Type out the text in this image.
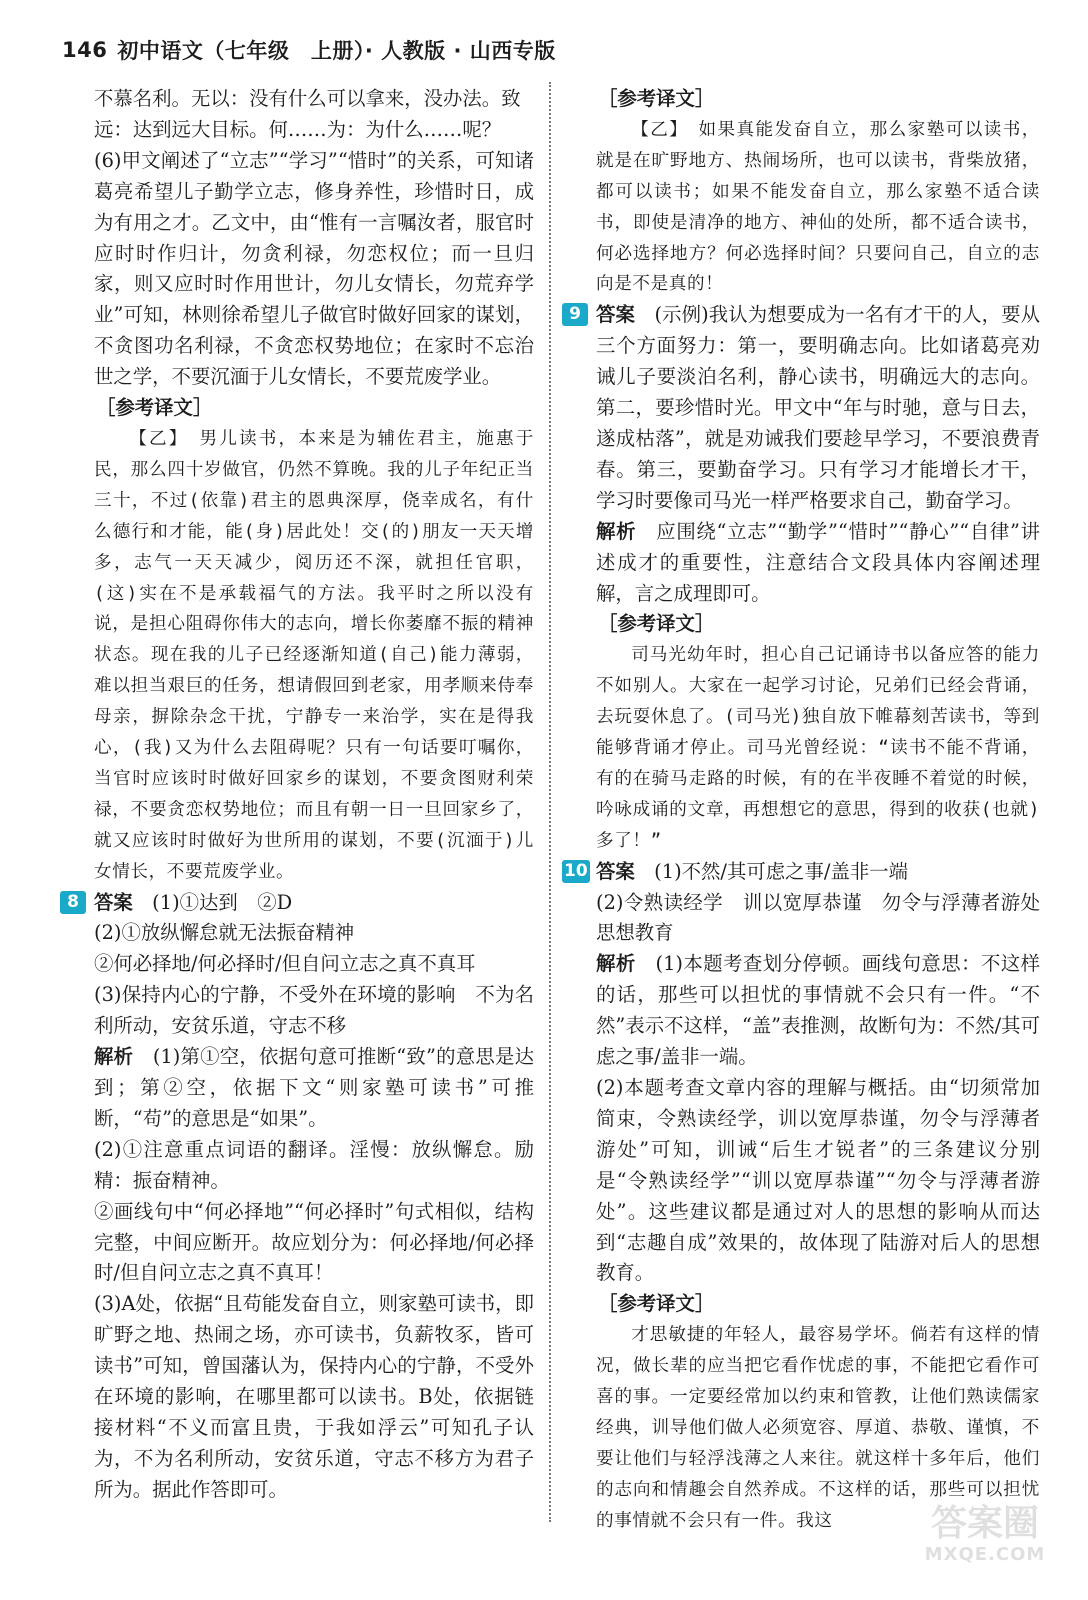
146 初中语文（七年级　上册）· 人教版 · 山西专版

不慕名利。无以：没有什么可以拿来，没办法。致

远：达到远大目标。何……为：为什么……呢？

(6)甲文阐述了“立志”“学习”“惜时”的关系，可知诸葛亮希望儿子勤学立志，修身养性，珍惜时日，成为有用之才。乙文中，由“惟有一言嘱汝者，服官时应时时作归计，勿贪利禄，勿恋权位；而一旦归家，则又应时时作用世计，勿儿女情长，勿荒弃学业”可知，林则徐希望儿子做官时做好回家的谋划，不贪图功名利禄，不贪恋权势地位；在家时不忘治世之学，不要沉湎于儿女情长，不要荒废学业。

［参考译文］

【乙】　男儿读书，本来是为辅佐君主，施惠于民，那么四十岁做官，仍然不算晚。我的儿子年纪正当三十，不过(依靠)君主的恩典深厚，侥幸成名，有什么德行和才能，能(身)居此处！交(的)朋友一天天增多，志气一天天减少，阅历还不深，就担任官职，(这)实在不是承载福气的方法。我平时之所以没有说，是担心阻碍你伟大的志向，增长你萎靡不振的精神状态。现在我的儿子已经逐渐知道(自己)能力薄弱，难以担当艰巨的任务，想请假回到老家，用孝顺来侍奉母亲，摒除杂念干扰，宁静专一来治学，实在是得我心，(我)又为什么去阻碍呢？只有一句话要叮嘱你，当官时应该时时做好回家乡的谋划，不要贪图财利荣禄，不要贪恋权势地位；而且有朝一日一旦回家乡了，就又应该时时做好为世所用的谋划，不要(沉湎于)儿女情长，不要荒废学业。

8 答案　(1)①达到　②D

(2)①放纵懈怠就无法振奋精神

②何必择地/何必择时/但自问立志之真不真耳

(3)保持内心的宁静，不受外在环境的影响　不为名利所动，安贫乐道，守志不移

解析　(1)第①空，依据句意可推断“致”的意思是达到；第②空，依据下文“则家塾可读书”可推断，“苟”的意思是“如果”。

(2)①注意重点词语的翻译。淫慢：放纵懈怠。励精：振奋精神。

②画线句中“何必择地”“何必择时”句式相似，结构完整，中间应断开。故应划分为：何必择地/何必择时/但自问立志之真不真耳！

(3)A处，依据“且苟能发奋自立，则家塾可读书，即旷野之地、热闹之场，亦可读书，负薪牧豕，皆可读书”可知，曾国藩认为，保持内心的宁静，不受外在环境的影响，在哪里都可以读书。B处，依据链接材料“不义而富且贵，于我如浮云”可知孔子认为，不为名利所动，安贫乐道，守志不移方为君子所为。据此作答即可。

［参考译文］

【乙】　如果真能发奋自立，那么家塾可以读书，就是在旷野地方、热闹场所，也可以读书，背柴放猪，都可以读书；如果不能发奋自立，那么家塾不适合读书，即使是清净的地方、神仙的处所，都不适合读书，何必选择地方？何必选择时间？只要问自己，自立的志向是不是真的！

9 答案　(示例)我认为想要成为一名有才干的人，要从三个方面努力：第一，要明确志向。比如诸葛亮劝诫儿子要淡泊名利，静心读书，明确远大的志向。第二，要珍惜时光。甲文中“年与时驰，意与日去，遂成枯落”，就是劝诫我们要趁早学习，不要浪费青春。第三，要勤奋学习。只有学习才能增长才干，学习时要像司马光一样严格要求自己，勤奋学习。

解析　应围绕“立志”“勤学”“惜时”“静心”“自律”讲述成才的重要性，注意结合文段具体内容阐述理解，言之成理即可。

［参考译文］

司马光幼年时，担心自己记诵诗书以备应答的能力不如别人。大家在一起学习讨论，兄弟们已经会背诵，去玩耍休息了。(司马光)独自放下帷幕刻苦读书，等到能够背诵才停止。司马光曾经说：“读书不能不背诵，有的在骑马走路的时候，有的在半夜睡不着觉的时候，吟咏成诵的文章，再想想它的意思，得到的收获(也就)多了！”

10 答案　(1)不然/其可虑之事/盖非一端

(2)令熟读经学　训以宽厚恭谨　勿令与浮薄者游处　思想教育

解析　(1)本题考查划分停顿。画线句意思：不这样的话，那些可以担忧的事情就不会只有一件。“不然”表示不这样，“盖”表推测，故断句为：不然/其可虑之事/盖非一端。

(2)本题考查文章内容的理解与概括。由“切须常加简束，令熟读经学，训以宽厚恭谨，勿令与浮薄者游处”可知，训诫“后生才锐者”的三条建议分别是“令熟读经学”“训以宽厚恭谨”“勿令与浮薄者游处”。这些建议都是通过对人的思想的影响从而达到“志趣自成”效果的，故体现了陆游对后人的思想教育。

［参考译文］

才思敏捷的年轻人，最容易学坏。倘若有这样的情况，做长辈的应当把它看作忧虑的事，不能把它看作可喜的事。一定要经常加以约束和管教，让他们熟读儒家经典，训导他们做人必须宽容、厚道、恭敬、谨慎，不要让他们与轻浮浅薄之人来往。就这样十多年后，他们的志向和情趣会自然养成。不这样的话，那些可以担忧的事情就不会只有一件。我这	答案圈
MXQE.COM
